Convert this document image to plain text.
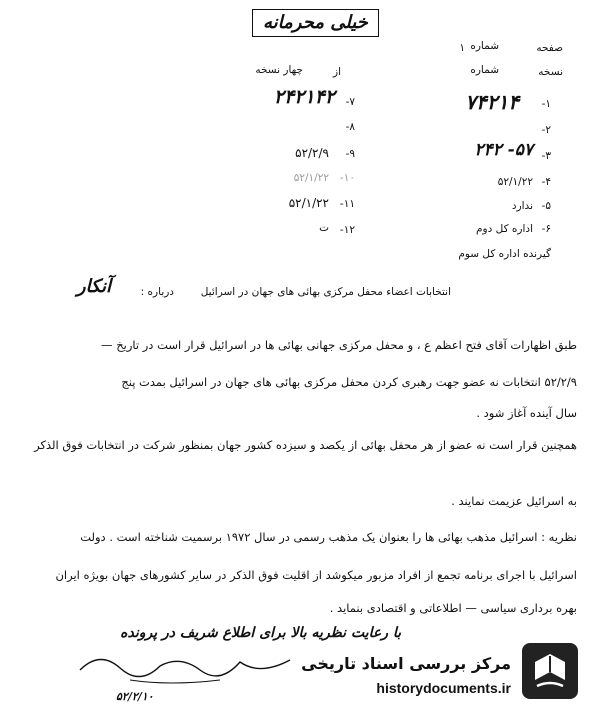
خیلی محرمانه
صفحه
شماره
۱
نسخه
شماره
از
چهار نسخه
۱-
۷۴۲۱۴
۲-
۳-
۵۷- ۲۴۲
۴-
۵۲/۱/۲۲
۵-
ندارد
۶-
اداره کل دوم
۷-
۲۴۲۱۴۲
۸-
۹-
۵۲/۲/۹
۱۰-
۵۲/۱/۲۲
۱۱-
۵۲/۱/۲۲
۱۲-
ت
گیرنده اداره کل سوم
آنکار	درباره :	انتخابات اعضاء محفل مرکزی بهائی های جهان در اسرائیل
طبق اظهارات آقای فتح اعظم ع ، و محفل مرکزی جهانی بهائی ها در اسرائیل قرار است در تاریخ —
۵۲/۲/۹ انتخابات نه عضو جهت رهبری کردن محفل مرکزی بهائی های جهان در اسرائیل بمدت پنج
سال آینده آغاز شود .
همچنین قرار است نه عضو از هر محفل بهائی از یکصد و سیزده کشور جهان بمنظور شرکت در انتخابات فوق الذکر
به اسرائیل عزیمت نمایند .
نظریه : اسرائیل مذهب بهائی ها را بعنوان یک مذهب رسمی در سال ۱۹۷۲ برسمیت شناخته است . دولت
اسرائیل با اجرای برنامه تجمع از افراد مزبور میکوشد از اقلیت فوق الذکر در سایر کشورهای جهان بویژه ایران
بهره برداری سیاسی — اطلاعاتی و اقتصادی بنماید .
با رعایت نظریه بالا برای اطلاع شریف در پرونده
۵۲/۲/۱۰
مرکز بررسی اسناد تاریخی
historydocuments.ir
